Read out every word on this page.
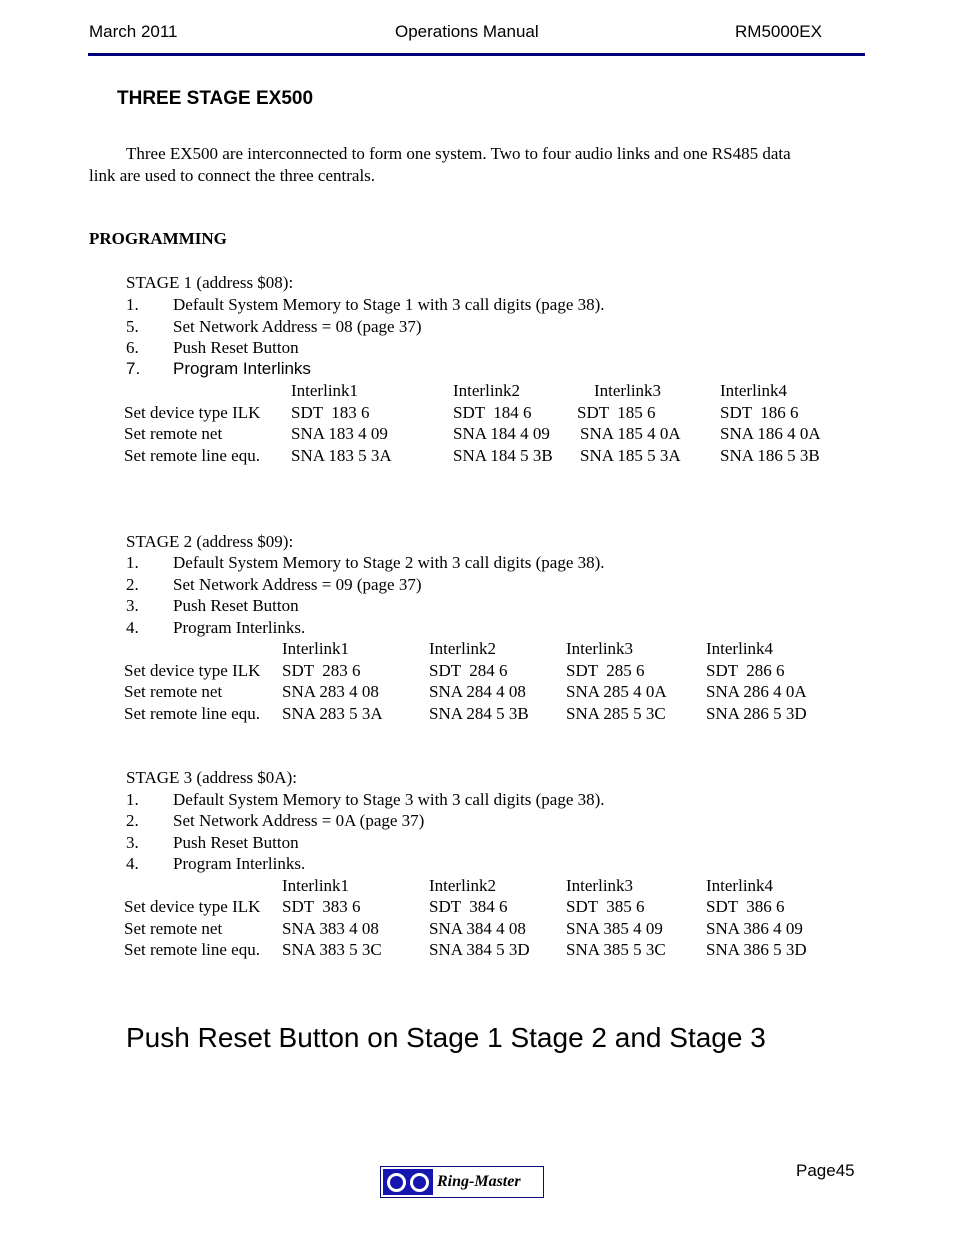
March 2011	Operations Manual	RM5000EX
THREE STAGE EX500
Three EX500 are interconnected to form one system. Two to four audio links and one RS485 data
link are used to connect the three centrals.
PROGRAMMING
STAGE 1 (address $08):
1. Default System Memory to Stage 1 with 3 call digits (page 38).
5. Set Network Address = 08 (page 37)
6. Push Reset Button
7. Program Interlinks
Interlink1	Interlink2	Interlink3	Interlink4
Set device type ILK SDT  183 6	SDT  184 6	SDT  185 6	SDT  186 6
Set remote net	SNA 183 4 09	SNA 184 4 09 SNA 185 4 0A SNA 186 4 0A
Set remote line equ. SNA 183 5 3A	SNA 184 5 3B SNA 185 5 3A SNA 186 5 3B
STAGE 2 (address $09):
1. Default System Memory to Stage 2 with 3 call digits (page 38).
2. Set Network Address = 09 (page 37)
3. Push Reset Button
4. Program Interlinks.
Interlink1	Interlink2	Interlink3	Interlink4
Set device type ILK SDT  283 6	SDT  284 6	SDT  285 6	SDT  286 6
Set remote net	SNA 283 4 08	SNA 284 4 08 SNA 285 4 0A SNA 286 4 0A
Set remote line equ. SNA 283 5 3A	SNA 284 5 3B SNA 285 5 3C SNA 286 5 3D
STAGE 3 (address $0A):
1. Default System Memory to Stage 3 with 3 call digits (page 38).
2. Set Network Address = 0A (page 37)
3. Push Reset Button
4. Program Interlinks.
Interlink1	Interlink2	Interlink3	Interlink4
Set device type ILK SDT  383 6	SDT  384 6	SDT  385 6	SDT  386 6
Set remote net	SNA 383 4 08	SNA 384 4 08 SNA 385 4 09	SNA 386 4 09
Set remote line equ. SNA 383 5 3C	SNA 384 5 3D SNA 385 5 3C SNA 386 5 3D
Push Reset Button on Stage 1 Stage 2 and Stage 3
Page45
Ring-Master
